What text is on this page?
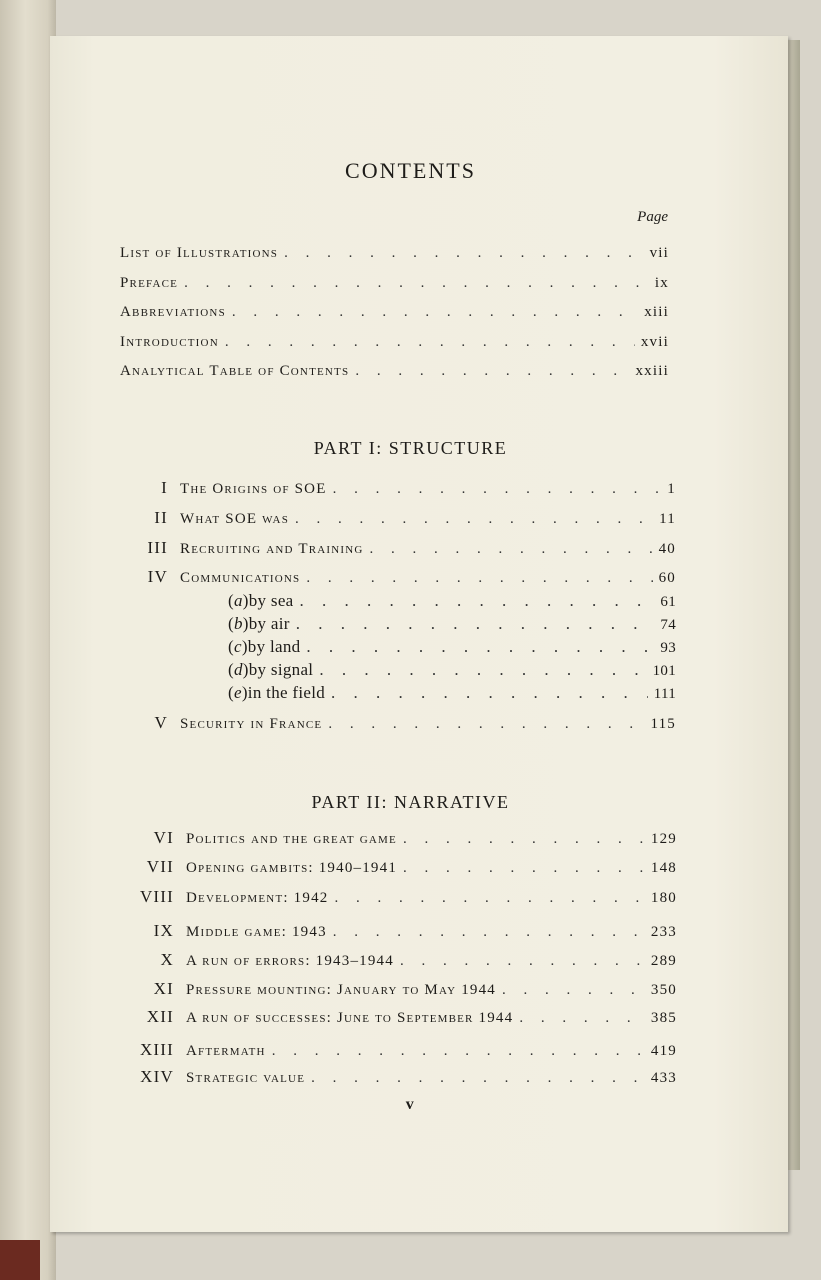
CONTENTS
Page
List of Illustrations . . .	vii
Preface . . .	ix
Abbreviations . . .	xiii
Introduction . . .	xvii
Analytical Table of Contents . . .	xxiii
PART I: STRUCTURE
I The Origins of SOE . . .	1
II What SOE was . . .	11
III Recruiting and Training . . .	40
IV Communications . . .	60
(a) by sea . . .	61
(b) by air . . .	74
(c) by land . . .	93
(d) by signal . . .	101
(e) in the field . . .	111
V Security in France . . .	115
PART II: NARRATIVE
VI Politics and the great game . . .	129
VII Opening gambits: 1940–1941 . . .	148
VIII Development: 1942 . . .	180
IX Middle game: 1943 . . .	233
X A run of errors: 1943–1944 . . .	289
XI Pressure mounting: January to May 1944 . . .	350
XII A run of successes: June to September 1944 . . .	385
XIII Aftermath . . .	419
XIV Strategic value . . .	433
v
